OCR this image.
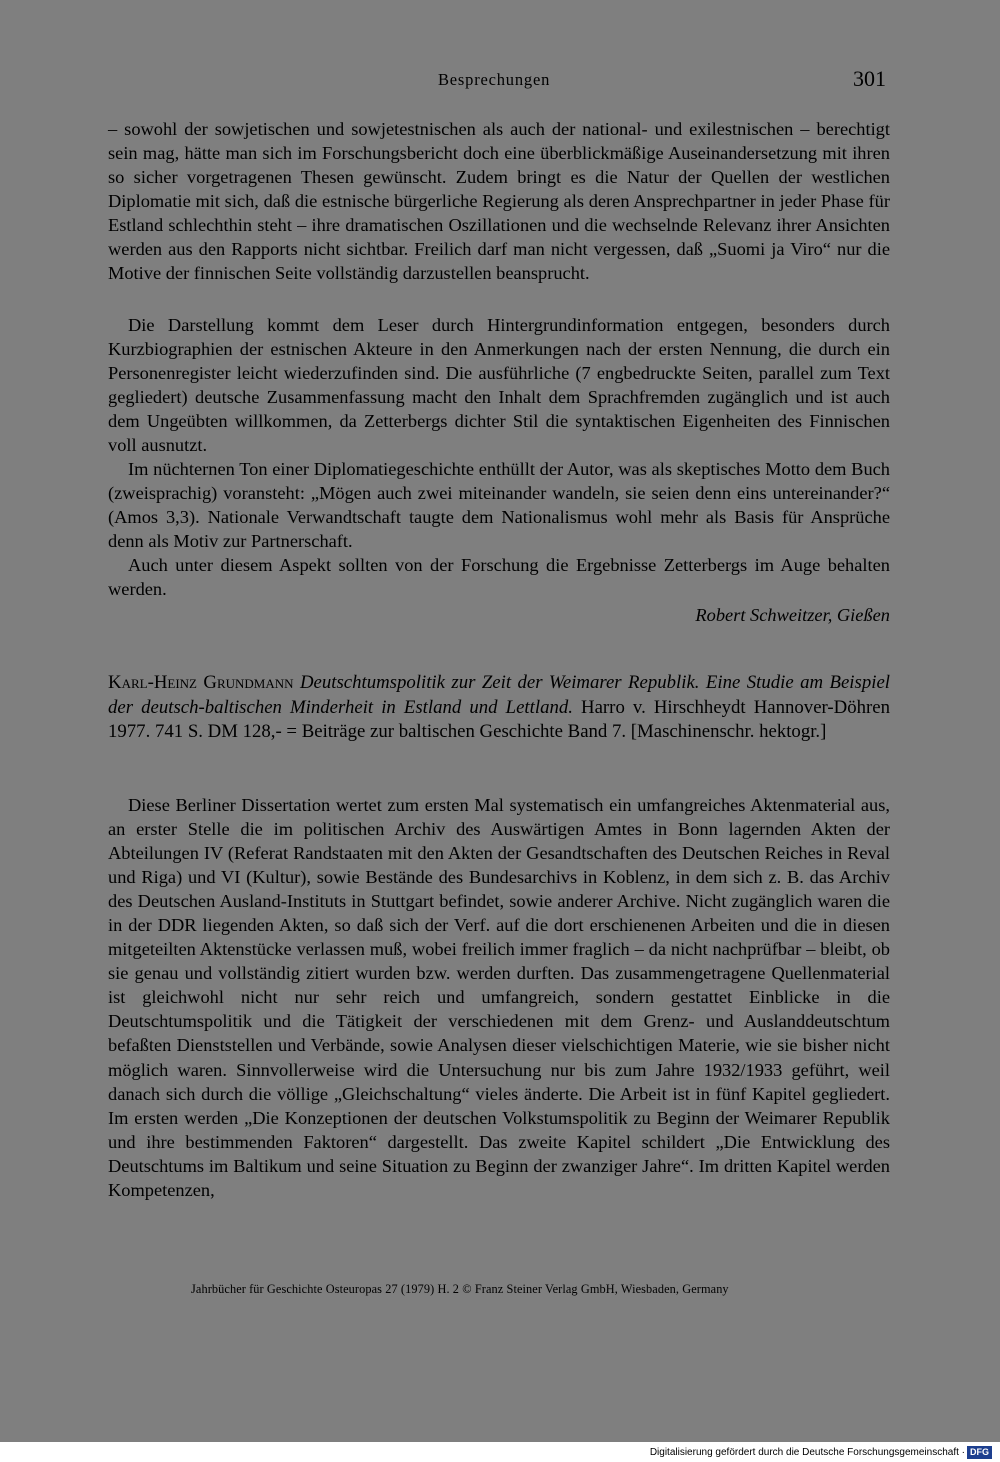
Besprechungen	301

– sowohl der sowjetischen und sowjetestnischen als auch der national- und exilestnischen – berechtigt sein mag, hätte man sich im Forschungsbericht doch eine überblickmäßige Auseinandersetzung mit ihren so sicher vorgetragenen Thesen gewünscht. Zudem bringt es die Natur der Quellen der westlichen Diplomatie mit sich, daß die estnische bürgerliche Regierung als deren Ansprechpartner in jeder Phase für Estland schlechthin steht – ihre dramatischen Oszillationen und die wechselnde Relevanz ihrer Ansichten werden aus den Rapports nicht sichtbar. Freilich darf man nicht vergessen, daß „Suomi ja Viro“ nur die Motive der finnischen Seite vollständig darzustellen beansprucht.

Die Darstellung kommt dem Leser durch Hintergrundinformation entgegen, besonders durch Kurzbiographien der estnischen Akteure in den Anmerkungen nach der ersten Nennung, die durch ein Personenregister leicht wiederzufinden sind. Die ausführliche (7 engbedruckte Seiten, parallel zum Text gegliedert) deutsche Zusammenfassung macht den Inhalt dem Sprachfremden zugänglich und ist auch dem Ungeübten willkommen, da Zetterbergs dichter Stil die syntaktischen Eigenheiten des Finnischen voll ausnutzt.

Im nüchternen Ton einer Diplomatiegeschichte enthüllt der Autor, was als skeptisches Motto dem Buch (zweisprachig) voransteht: „Mögen auch zwei miteinander wandeln, sie seien denn eins untereinander?“ (Amos 3,3). Nationale Verwandtschaft taugte dem Nationalismus wohl mehr als Basis für Ansprüche denn als Motiv zur Partnerschaft.

Auch unter diesem Aspekt sollten von der Forschung die Ergebnisse Zetterbergs im Auge behalten werden.

Robert Schweitzer, Gießen

Karl-Heinz Grundmann Deutschtumspolitik zur Zeit der Weimarer Republik. Eine Studie am Beispiel der deutsch-baltischen Minderheit in Estland und Lettland. Harro v. Hirschheydt Hannover-Döhren 1977. 741 S. DM 128,- = Beiträge zur baltischen Geschichte Band 7. [Maschinenschr. hektogr.]

Diese Berliner Dissertation wertet zum ersten Mal systematisch ein umfangreiches Aktenmaterial aus, an erster Stelle die im politischen Archiv des Auswärtigen Amtes in Bonn lagernden Akten der Abteilungen IV (Referat Randstaaten mit den Akten der Gesandtschaften des Deutschen Reiches in Reval und Riga) und VI (Kultur), sowie Bestände des Bundesarchivs in Koblenz, in dem sich z. B. das Archiv des Deutschen Ausland-Instituts in Stuttgart befindet, sowie anderer Archive. Nicht zugänglich waren die in der DDR liegenden Akten, so daß sich der Verf. auf die dort erschienenen Arbeiten und die in diesen mitgeteilten Aktenstücke verlassen muß, wobei freilich immer fraglich – da nicht nachprüfbar – bleibt, ob sie genau und vollständig zitiert wurden bzw. werden durften. Das zusammengetragene Quellenmaterial ist gleichwohl nicht nur sehr reich und umfangreich, sondern gestattet Einblicke in die Deutschtumspolitik und die Tätigkeit der verschiedenen mit dem Grenz- und Auslanddeutschtum befaßten Dienststellen und Verbände, sowie Analysen dieser vielschichtigen Materie, wie sie bisher nicht möglich waren. Sinnvollerweise wird die Untersuchung nur bis zum Jahre 1932/1933 geführt, weil danach sich durch die völlige „Gleichschaltung“ vieles änderte. Die Arbeit ist in fünf Kapitel gegliedert. Im ersten werden „Die Konzeptionen der deutschen Volkstumspolitik zu Beginn der Weimarer Republik und ihre bestimmenden Faktoren“ dargestellt. Das zweite Kapitel schildert „Die Entwicklung des Deutschtums im Baltikum und seine Situation zu Beginn der zwanziger Jahre“. Im dritten Kapitel werden Kompetenzen,

Jahrbücher für Geschichte Osteuropas 27 (1979) H. 2 © Franz Steiner Verlag GmbH, Wiesbaden, Germany
Digitalisierung gefördert durch die Deutsche Forschungsgemeinschaft · DFG
